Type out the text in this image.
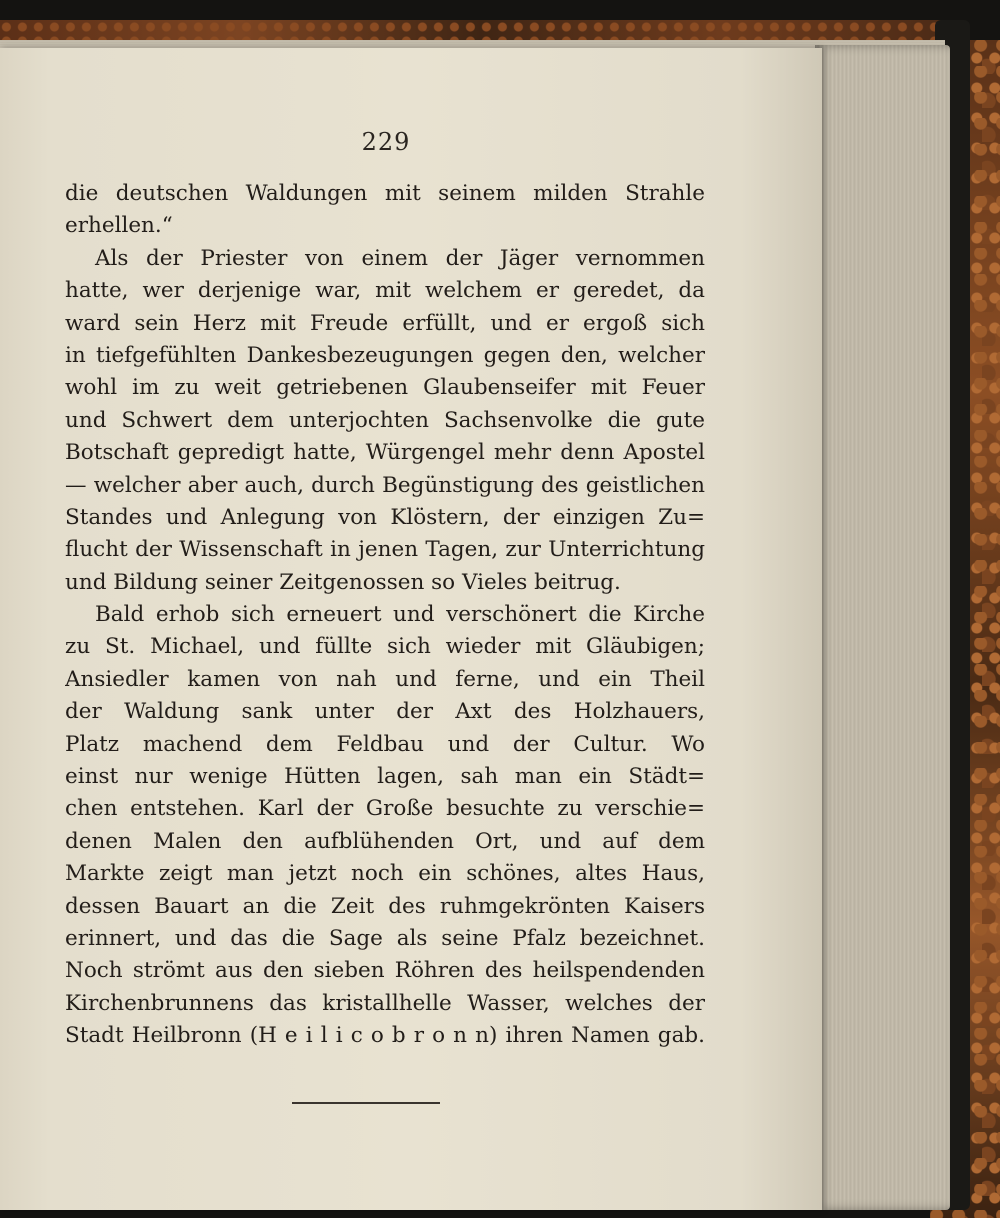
229
die deutschen Waldungen mit seinem milden Strahle
erhellen.“
Als der Priester von einem der Jäger vernommen
hatte, wer derjenige war, mit welchem er geredet, da
ward sein Herz mit Freude erfüllt, und er ergoß sich
in tiefgefühlten Dankesbezeugungen gegen den, welcher
wohl im zu weit getriebenen Glaubenseifer mit Feuer
und Schwert dem unterjochten Sachsenvolke die gute
Botschaft gepredigt hatte, Würgengel mehr denn Apostel
— welcher aber auch, durch Begünstigung des geistlichen
Standes und Anlegung von Klöstern, der einzigen Zu=
flucht der Wissenschaft in jenen Tagen, zur Unterrichtung
und Bildung seiner Zeitgenossen so Vieles beitrug.
Bald erhob sich erneuert und verschönert die Kirche
zu St. Michael, und füllte sich wieder mit Gläubigen;
Ansiedler kamen von nah und ferne, und ein Theil
der Waldung sank unter der Axt des Holzhauers,
Platz machend dem Feldbau und der Cultur. Wo
einst nur wenige Hütten lagen, sah man ein Städt=
chen entstehen. Karl der Große besuchte zu verschie=
denen Malen den aufblühenden Ort, und auf dem
Markte zeigt man jetzt noch ein schönes, altes Haus,
dessen Bauart an die Zeit des ruhmgekrönten Kaisers
erinnert, und das die Sage als seine Pfalz bezeichnet.
Noch strömt aus den sieben Röhren des heilspendenden
Kirchenbrunnens das kristallhelle Wasser, welches der
Stadt Heilbronn (H e i l i c o b r o n n) ihren Namen gab.
